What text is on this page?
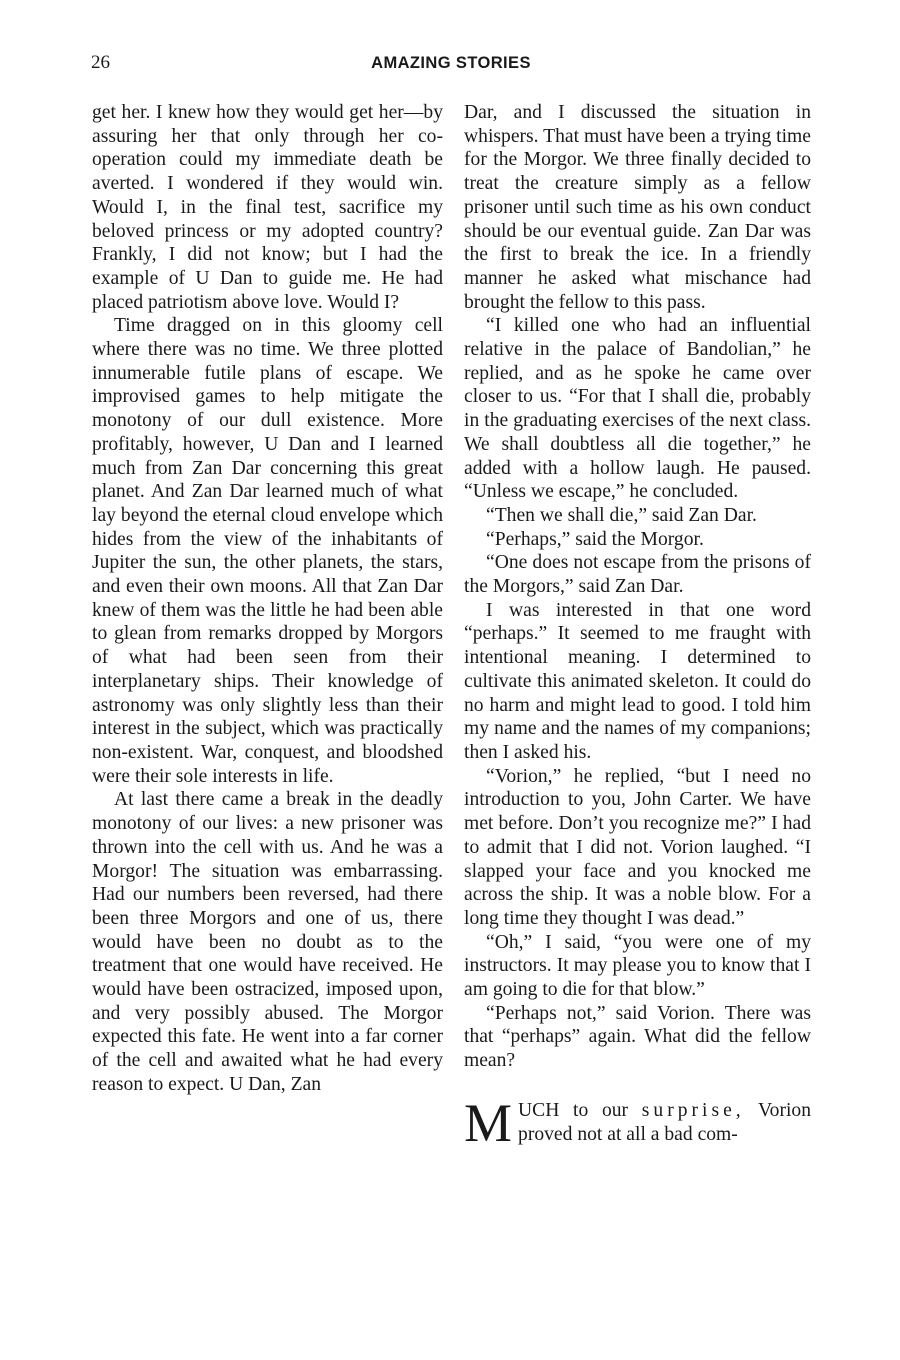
26	AMAZING STORIES

get her. I knew how they would get her—by assuring her that only through her co-operation could my immediate death be averted. I wondered if they would win. Would I, in the final test, sacrifice my beloved princess or my adopted country? Frankly, I did not know; but I had the example of U Dan to guide me. He had placed patriotism above love. Would I?

Time dragged on in this gloomy cell where there was no time. We three plotted innumerable futile plans of escape. We improvised games to help mitigate the monotony of our dull existence. More profitably, however, U Dan and I learned much from Zan Dar concerning this great planet. And Zan Dar learned much of what lay beyond the eternal cloud envelope which hides from the view of the inhabitants of Jupiter the sun, the other planets, the stars, and even their own moons. All that Zan Dar knew of them was the little he had been able to glean from remarks dropped by Morgors of what had been seen from their interplanetary ships. Their knowledge of astronomy was only slightly less than their interest in the subject, which was practically non-existent. War, conquest, and bloodshed were their sole interests in life.

At last there came a break in the deadly monotony of our lives: a new prisoner was thrown into the cell with us. And he was a Morgor! The situation was embarrassing. Had our numbers been reversed, had there been three Morgors and one of us, there would have been no doubt as to the treatment that one would have received. He would have been ostracized, imposed upon, and very possibly abused. The Morgor expected this fate. He went into a far corner of the cell and awaited what he had every reason to expect. U Dan, Zan

Dar, and I discussed the situation in whispers. That must have been a trying time for the Morgor. We three finally decided to treat the creature simply as a fellow prisoner until such time as his own conduct should be our eventual guide. Zan Dar was the first to break the ice. In a friendly manner he asked what mischance had brought the fellow to this pass.

“I killed one who had an influential relative in the palace of Bandolian,” he replied, and as he spoke he came over closer to us. “For that I shall die, probably in the graduating exercises of the next class. We shall doubtless all die together,” he added with a hollow laugh. He paused. “Unless we escape,” he concluded.

“Then we shall die,” said Zan Dar.

“Perhaps,” said the Morgor.

“One does not escape from the prisons of the Morgors,” said Zan Dar.

I was interested in that one word “perhaps.” It seemed to me fraught with intentional meaning. I determined to cultivate this animated skeleton. It could do no harm and might lead to good. I told him my name and the names of my companions; then I asked his.

“Vorion,” he replied, “but I need no introduction to you, John Carter. We have met before. Don’t you recognize me?” I had to admit that I did not. Vorion laughed. “I slapped your face and you knocked me across the ship. It was a noble blow. For a long time they thought I was dead.”

“Oh,” I said, “you were one of my instructors. It may please you to know that I am going to die for that blow.”

“Perhaps not,” said Vorion. There was that “perhaps” again. What did the fellow mean?

MUCH to our surprise, Vorion proved not at all a bad com-
